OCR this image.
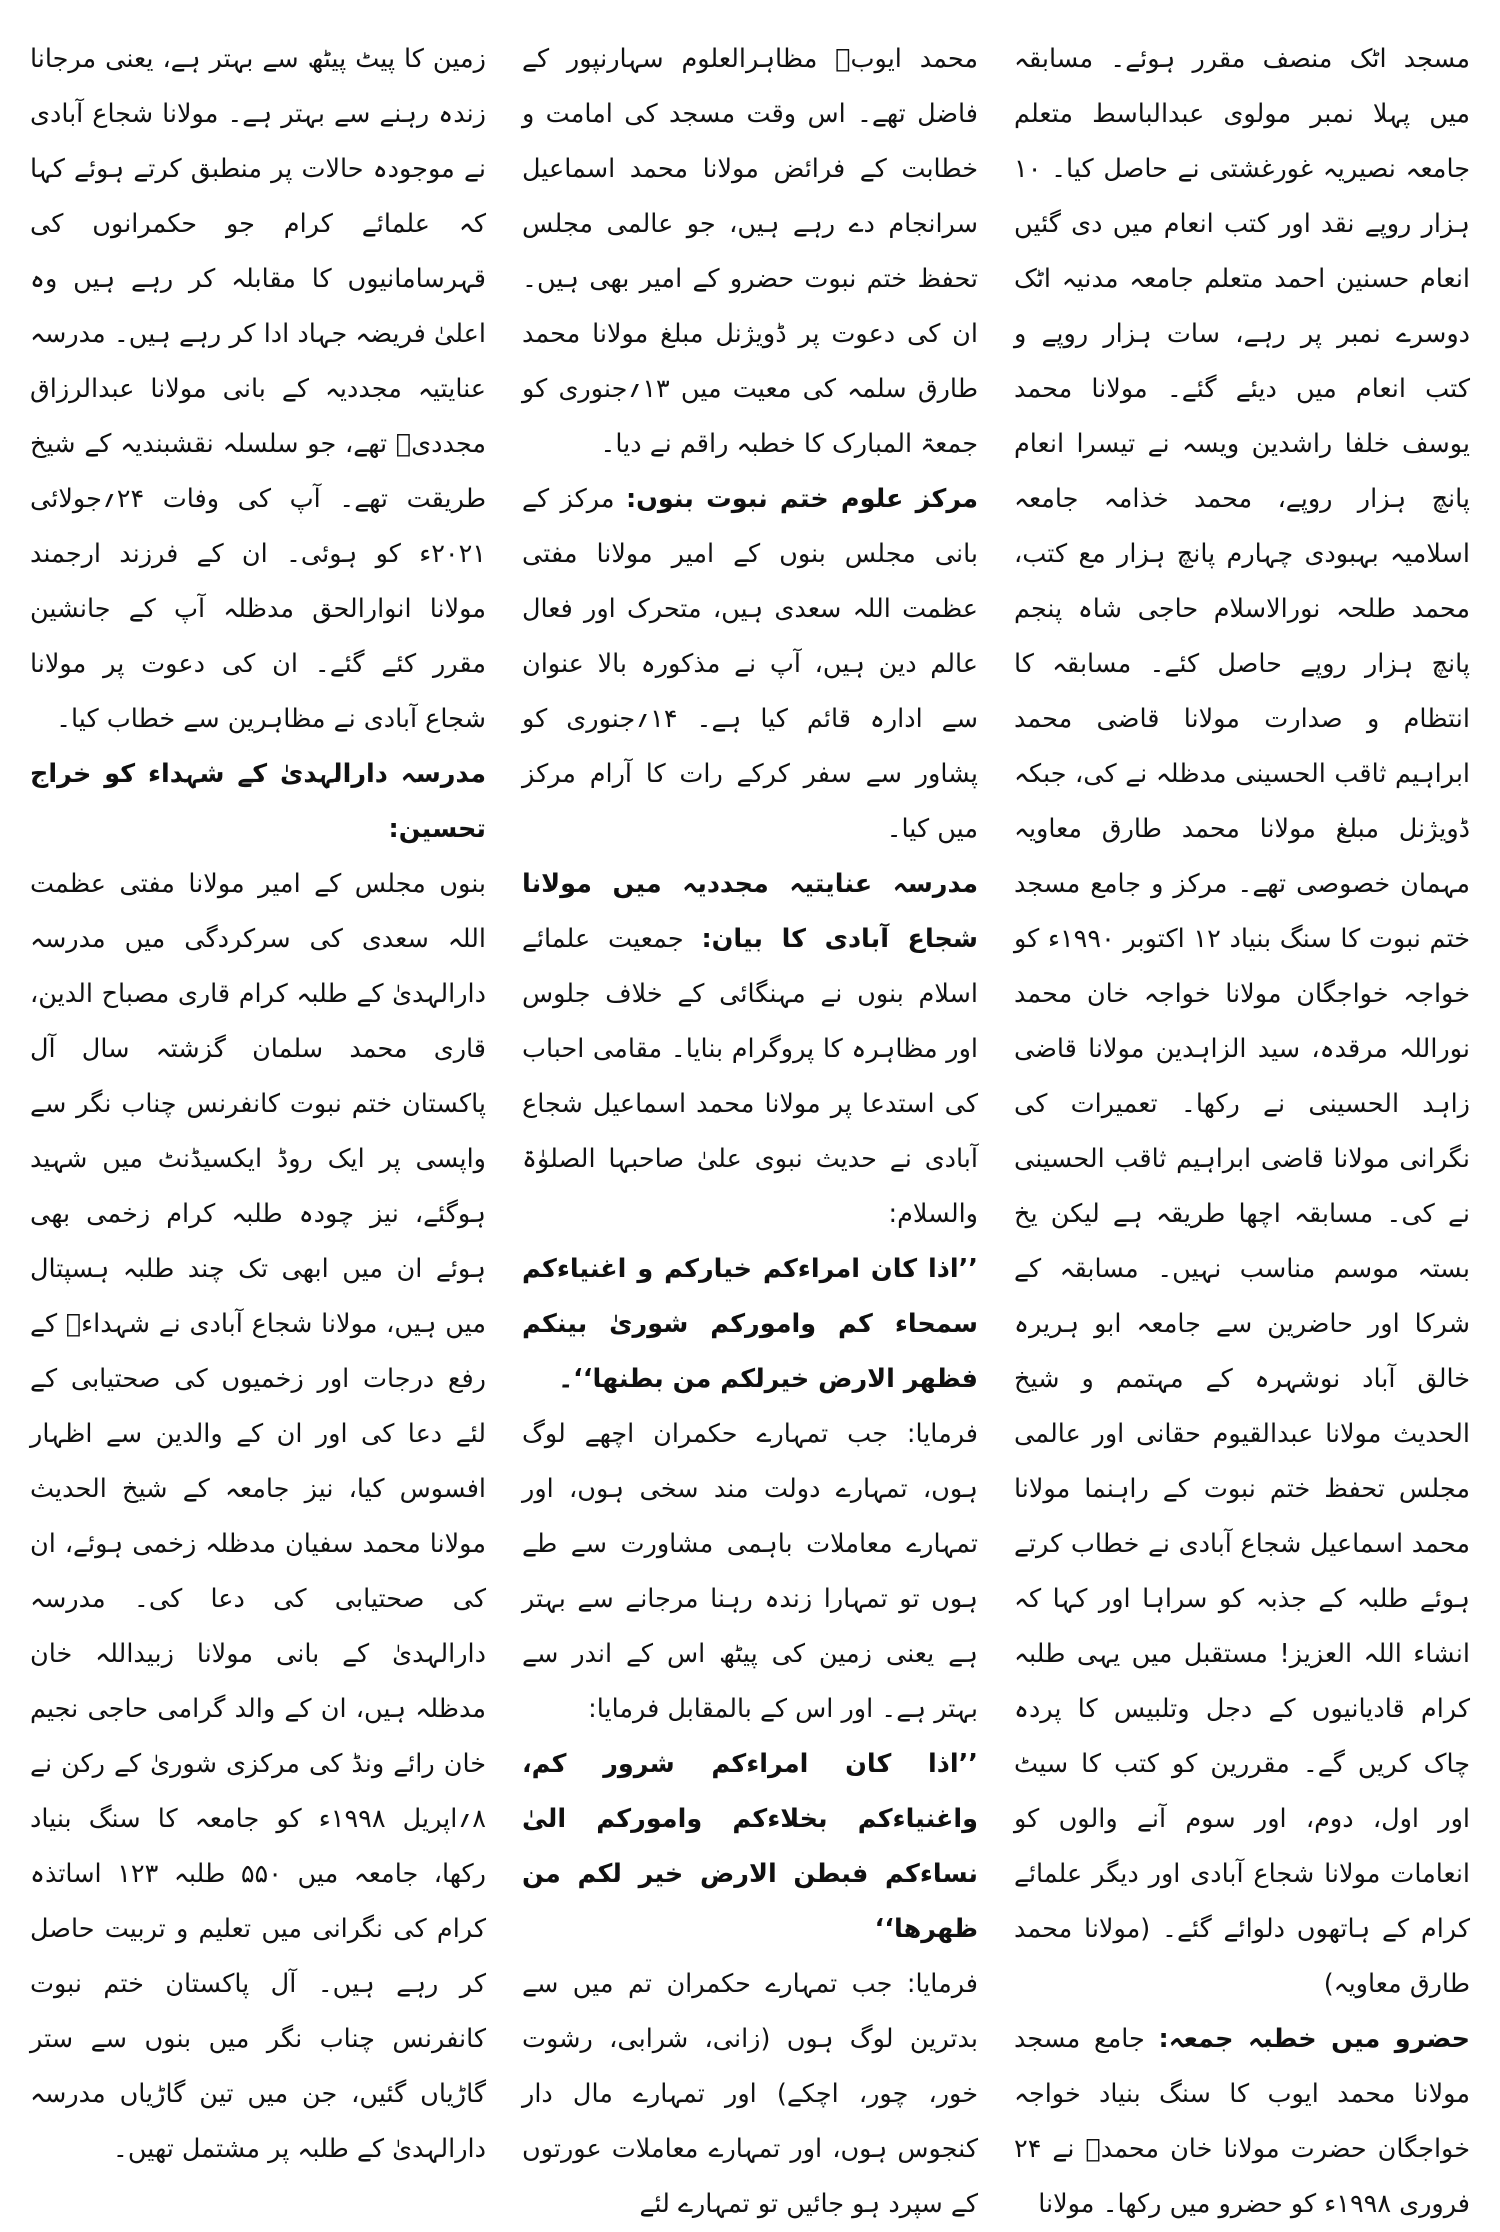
مسجد اٹک منصف مقرر ہوئے۔ مسابقہ میں پہلا نمبر مولوی عبدالباسط متعلم جامعہ نصیریہ غورغشتی نے حاصل کیا۔ ۱۰ ہزار روپے نقد اور کتب انعام میں دی گئیں انعام حسنین احمد متعلم جامعہ مدنیہ اٹک دوسرے نمبر پر رہے، سات ہزار روپے و کتب انعام میں دیئے گئے۔ مولانا محمد یوسف خلفا راشدین ویسہ نے تیسرا انعام پانچ ہزار روپے، محمد خذامہ جامعہ اسلامیہ بہبودی چہارم پانچ ہزار مع کتب، محمد طلحہ نورالاسلام حاجی شاہ پنجم پانچ ہزار روپے حاصل کئے۔ مسابقہ کا انتظام و صدارت مولانا قاضی محمد ابراہیم ثاقب الحسینی مدظلہ نے کی، جبکہ ڈویژنل مبلغ مولانا محمد طارق معاویہ مہمان خصوصی تھے۔ مرکز و جامع مسجد ختم نبوت کا سنگ بنیاد ۱۲ اکتوبر ۱۹۹۰ء کو خواجہ خواجگان مولانا خواجہ خان محمد نوراللہ مرقدہ، سید الزاہدین مولانا قاضی زاہد الحسینی نے رکھا۔ تعمیرات کی نگرانی مولانا قاضی ابراہیم ثاقب الحسینی نے کی۔ مسابقہ اچھا طریقہ ہے لیکن یخ بستہ موسم مناسب نہیں۔ مسابقہ کے شرکا اور حاضرین سے جامعہ ابو ہریرہ خالق آباد نوشہرہ کے مہتمم و شیخ الحدیث مولانا عبدالقیوم حقانی اور عالمی مجلس تحفظ ختم نبوت کے راہنما مولانا محمد اسماعیل شجاع آبادی نے خطاب کرتے ہوئے طلبہ کے جذبہ کو سراہا اور کہا کہ انشاء اللہ العزیز! مستقبل میں یہی طلبہ کرام قادیانیوں کے دجل وتلبیس کا پردہ چاک کریں گے۔ مقررین کو کتب کا سیٹ اور اول، دوم، اور سوم آنے والوں کو انعامات مولانا شجاع آبادی اور دیگر علمائے کرام کے ہاتھوں دلوائے گئے۔ (مولانا محمد طارق معاویہ)

حضرو میں خطبہ جمعہ: جامع مسجد مولانا محمد ایوب کا سنگ بنیاد خواجہ خواجگان حضرت مولانا خان محمدؒ نے ۲۴ فروری ۱۹۹۸ء کو حضرو میں رکھا۔ مولانا

محمد ایوبؒ مظاہرالعلوم سہارنپور کے فاضل تھے۔ اس وقت مسجد کی امامت و خطابت کے فرائض مولانا محمد اسماعیل سرانجام دے رہے ہیں، جو عالمی مجلس تحفظ ختم نبوت حضرو کے امیر بھی ہیں۔ ان کی دعوت پر ڈویژنل مبلغ مولانا محمد طارق سلمہ کی معیت میں ۱۳؍جنوری کو جمعۃ المبارک کا خطبہ راقم نے دیا۔

مرکز علوم ختم نبوت بنوں: مرکز کے بانی مجلس بنوں کے امیر مولانا مفتی عظمت اللہ سعدی ہیں، متحرک اور فعال عالم دین ہیں، آپ نے مذکورہ بالا عنوان سے ادارہ قائم کیا ہے۔ ۱۴؍جنوری کو پشاور سے سفر کرکے رات کا آرام مرکز میں کیا۔

مدرسہ عنایتیہ مجددیہ میں مولانا شجاع آبادی کا بیان: جمعیت علمائے اسلام بنوں نے مہنگائی کے خلاف جلوس اور مظاہرہ کا پروگرام بنایا۔ مقامی احباب کی استدعا پر مولانا محمد اسماعیل شجاع آبادی نے حدیث نبوی علیٰ صاحبہا الصلوٰۃ والسلام:

’’اذا کان امراءکم خیارکم و اغنیاءکم سمحاء کم وامورکم شوریٰ بینکم فظھر الارض خیرلکم من بطنھا‘‘۔

فرمایا: جب تمہارے حکمران اچھے لوگ ہوں، تمہارے دولت مند سخی ہوں، اور تمہارے معاملات باہمی مشاورت سے طے ہوں تو تمہارا زندہ رہنا مرجانے سے بہتر ہے یعنی زمین کی پیٹھ اس کے اندر سے بہتر ہے۔ اور اس کے بالمقابل فرمایا:

’’اذا کان امراءکم شرور کم، واغنیاءکم بخلاءکم وامورکم الیٰ نساءکم فبطن الارض خیر لکم من ظھرھا‘‘

فرمایا: جب تمہارے حکمران تم میں سے بدترین لوگ ہوں (زانی، شرابی، رشوت خور، چور، اچکے) اور تمہارے مال دار کنجوس ہوں، اور تمہارے معاملات عورتوں کے سپرد ہو جائیں تو تمہارے لئے

زمین کا پیٹ پیٹھ سے بہتر ہے، یعنی مرجانا زندہ رہنے سے بہتر ہے۔ مولانا شجاع آبادی نے موجودہ حالات پر منطبق کرتے ہوئے کہا کہ علمائے کرام جو حکمرانوں کی قہرسامانیوں کا مقابلہ کر رہے ہیں وہ اعلیٰ فریضہ جہاد ادا کر رہے ہیں۔ مدرسہ عنایتیہ مجددیہ کے بانی مولانا عبدالرزاق مجددیؒ تھے، جو سلسلہ نقشبندیہ کے شیخ طریقت تھے۔ آپ کی وفات ۲۴؍جولائی ۲۰۲۱ء کو ہوئی۔ ان کے فرزند ارجمند مولانا انوارالحق مدظلہ آپ کے جانشین مقرر کئے گئے۔ ان کی دعوت پر مولانا شجاع آبادی نے مظاہرین سے خطاب کیا۔

مدرسہ دارالہدیٰ کے شہداء کو خراج تحسین:

بنوں مجلس کے امیر مولانا مفتی عظمت اللہ سعدی کی سرکردگی میں مدرسہ دارالہدیٰ کے طلبہ کرام قاری مصباح الدین، قاری محمد سلمان گزشتہ سال آل پاکستان ختم نبوت کانفرنس چناب نگر سے واپسی پر ایک روڈ ایکسیڈنٹ میں شہید ہوگئے، نیز چودہ طلبہ کرام زخمی بھی ہوئے ان میں ابھی تک چند طلبہ ہسپتال میں ہیں، مولانا شجاع آبادی نے شہداءؒ کے رفع درجات اور زخمیوں کی صحتیابی کے لئے دعا کی اور ان کے والدین سے اظہار افسوس کیا، نیز جامعہ کے شیخ الحدیث مولانا محمد سفیان مدظلہ زخمی ہوئے، ان کی صحتیابی کی دعا کی۔ مدرسہ دارالہدیٰ کے بانی مولانا زبیداللہ خان مدظلہ ہیں، ان کے والد گرامی حاجی نجیم خان رائے ونڈ کی مرکزی شوریٰ کے رکن نے ۸؍اپریل ۱۹۹۸ء کو جامعہ کا سنگ بنیاد رکھا، جامعہ میں ۵۵۰ طلبہ ۱۲۳ اساتذہ کرام کی نگرانی میں تعلیم و تربیت حاصل کر رہے ہیں۔ آل پاکستان ختم نبوت کانفرنس چناب نگر میں بنوں سے ستر گاڑیاں گئیں، جن میں تین گاڑیاں مدرسہ دارالہدیٰ کے طلبہ پر مشتمل تھیں۔
